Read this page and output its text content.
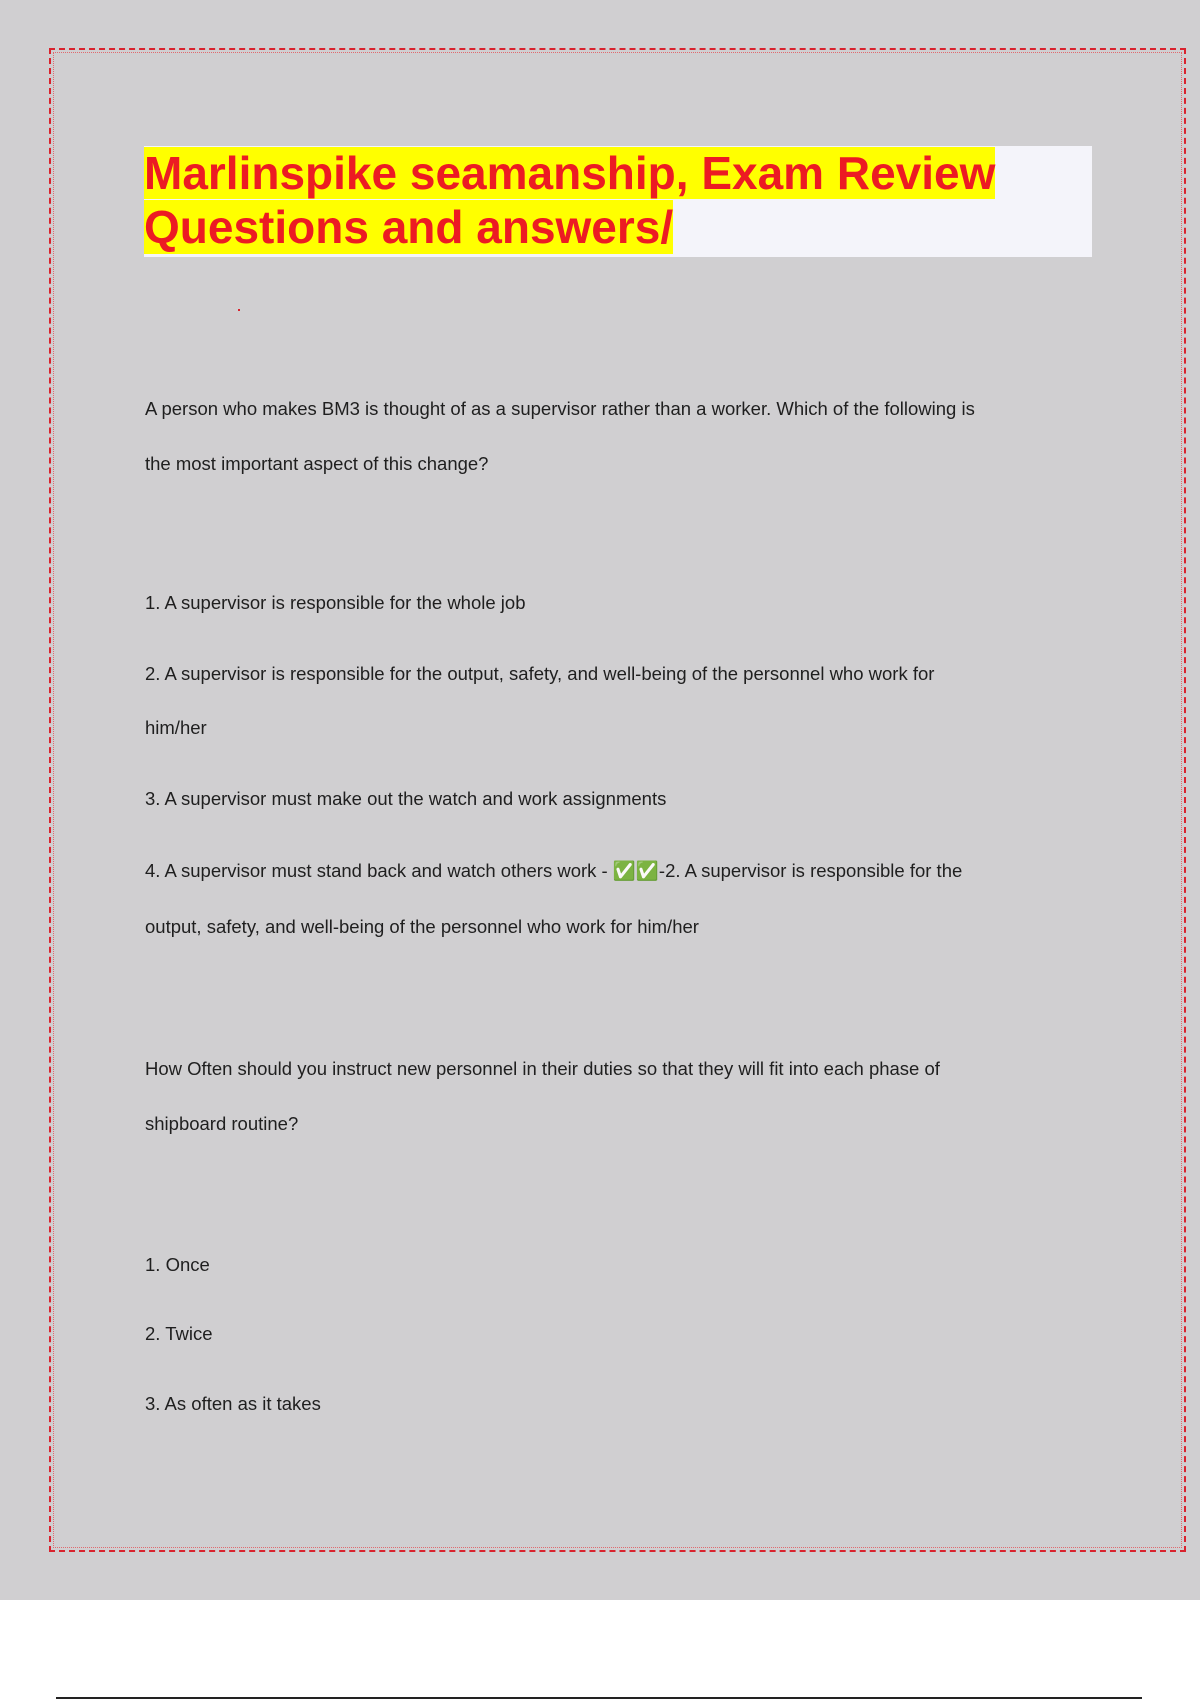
Marlinspike seamanship, Exam Review
Questions and answers/

A person who makes BM3 is thought of as a supervisor rather than a worker. Which of the following is

the most important aspect of this change?

1. A supervisor is responsible for the whole job

2. A supervisor is responsible for the output, safety, and well-being of the personnel who work for

him/her

3. A supervisor must make out the watch and work assignments

4. A supervisor must stand back and watch others work - ✅✅-2. A supervisor is responsible for the

output, safety, and well-being of the personnel who work for him/her

How Often should you instruct new personnel in their duties so that they will fit into each phase of

shipboard routine?

1. Once

2. Twice

3. As often as it takes
